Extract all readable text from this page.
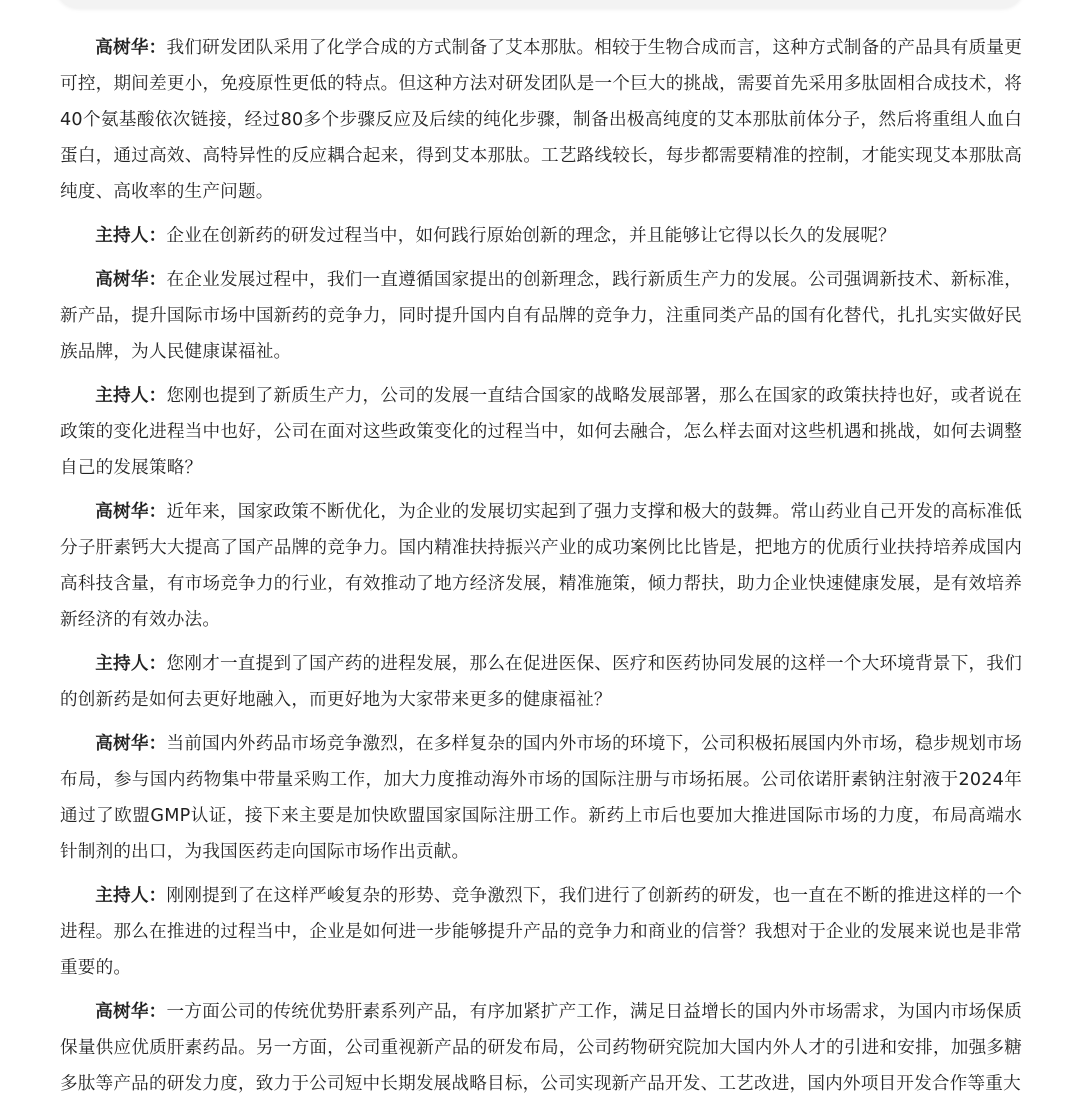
高树华：我们研发团队采用了化学合成的方式制备了艾本那肽。相较于生物合成而言，这种方式制备的产品具有质量更可控，期间差更小，免疫原性更低的特点。但这种方法对研发团队是一个巨大的挑战，需要首先采用多肽固相合成技术，将40个氨基酸依次链接，经过80多个步骤反应及后续的纯化步骤，制备出极高纯度的艾本那肽前体分子，然后将重组人血白蛋白，通过高效、高特异性的反应耦合起来，得到艾本那肽。工艺路线较长，每步都需要精准的控制，才能实现艾本那肽高纯度、高收率的生产问题。

主持人：企业在创新药的研发过程当中，如何践行原始创新的理念，并且能够让它得以长久的发展呢？

高树华：在企业发展过程中，我们一直遵循国家提出的创新理念，践行新质生产力的发展。公司强调新技术、新标准，新产品，提升国际市场中国新药的竞争力，同时提升国内自有品牌的竞争力，注重同类产品的国有化替代，扎扎实实做好民族品牌，为人民健康谋福祉。

主持人：您刚也提到了新质生产力，公司的发展一直结合国家的战略发展部署，那么在国家的政策扶持也好，或者说在政策的变化进程当中也好，公司在面对这些政策变化的过程当中，如何去融合，怎么样去面对这些机遇和挑战，如何去调整自己的发展策略？

高树华：近年来，国家政策不断优化，为企业的发展切实起到了强力支撑和极大的鼓舞。常山药业自己开发的高标准低分子肝素钙大大提高了国产品牌的竞争力。国内精准扶持振兴产业的成功案例比比皆是，把地方的优质行业扶持培养成国内高科技含量，有市场竞争力的行业，有效推动了地方经济发展，精准施策，倾力帮扶，助力企业快速健康发展，是有效培养新经济的有效办法。

主持人：您刚才一直提到了国产药的进程发展，那么在促进医保、医疗和医药协同发展的这样一个大环境背景下，我们的创新药是如何去更好地融入，而更好地为大家带来更多的健康福祉？

高树华：当前国内外药品市场竞争激烈，在多样复杂的国内外市场的环境下，公司积极拓展国内外市场，稳步规划市场布局，参与国内药物集中带量采购工作，加大力度推动海外市场的国际注册与市场拓展。公司依诺肝素钠注射液于2024年通过了欧盟GMP认证，接下来主要是加快欧盟国家国际注册工作。新药上市后也要加大推进国际市场的力度，布局高端水针制剂的出口，为我国医药走向国际市场作出贡献。

主持人：刚刚提到了在这样严峻复杂的形势、竞争激烈下，我们进行了创新药的研发，也一直在不断的推进这样的一个进程。那么在推进的过程当中，企业是如何进一步能够提升产品的竞争力和商业的信誉？我想对于企业的发展来说也是非常重要的。

高树华：一方面公司的传统优势肝素系列产品，有序加紧扩产工作，满足日益增长的国内外市场需求，为国内市场保质保量供应优质肝素药品。另一方面，公司重视新产品的研发布局，公司药物研究院加大国内外人才的引进和安排，加强多糖多肽等产品的研发力度，致力于公司短中长期发展战略目标，公司实现新产品开发、工艺改进，国内外项目开发合作等重大
